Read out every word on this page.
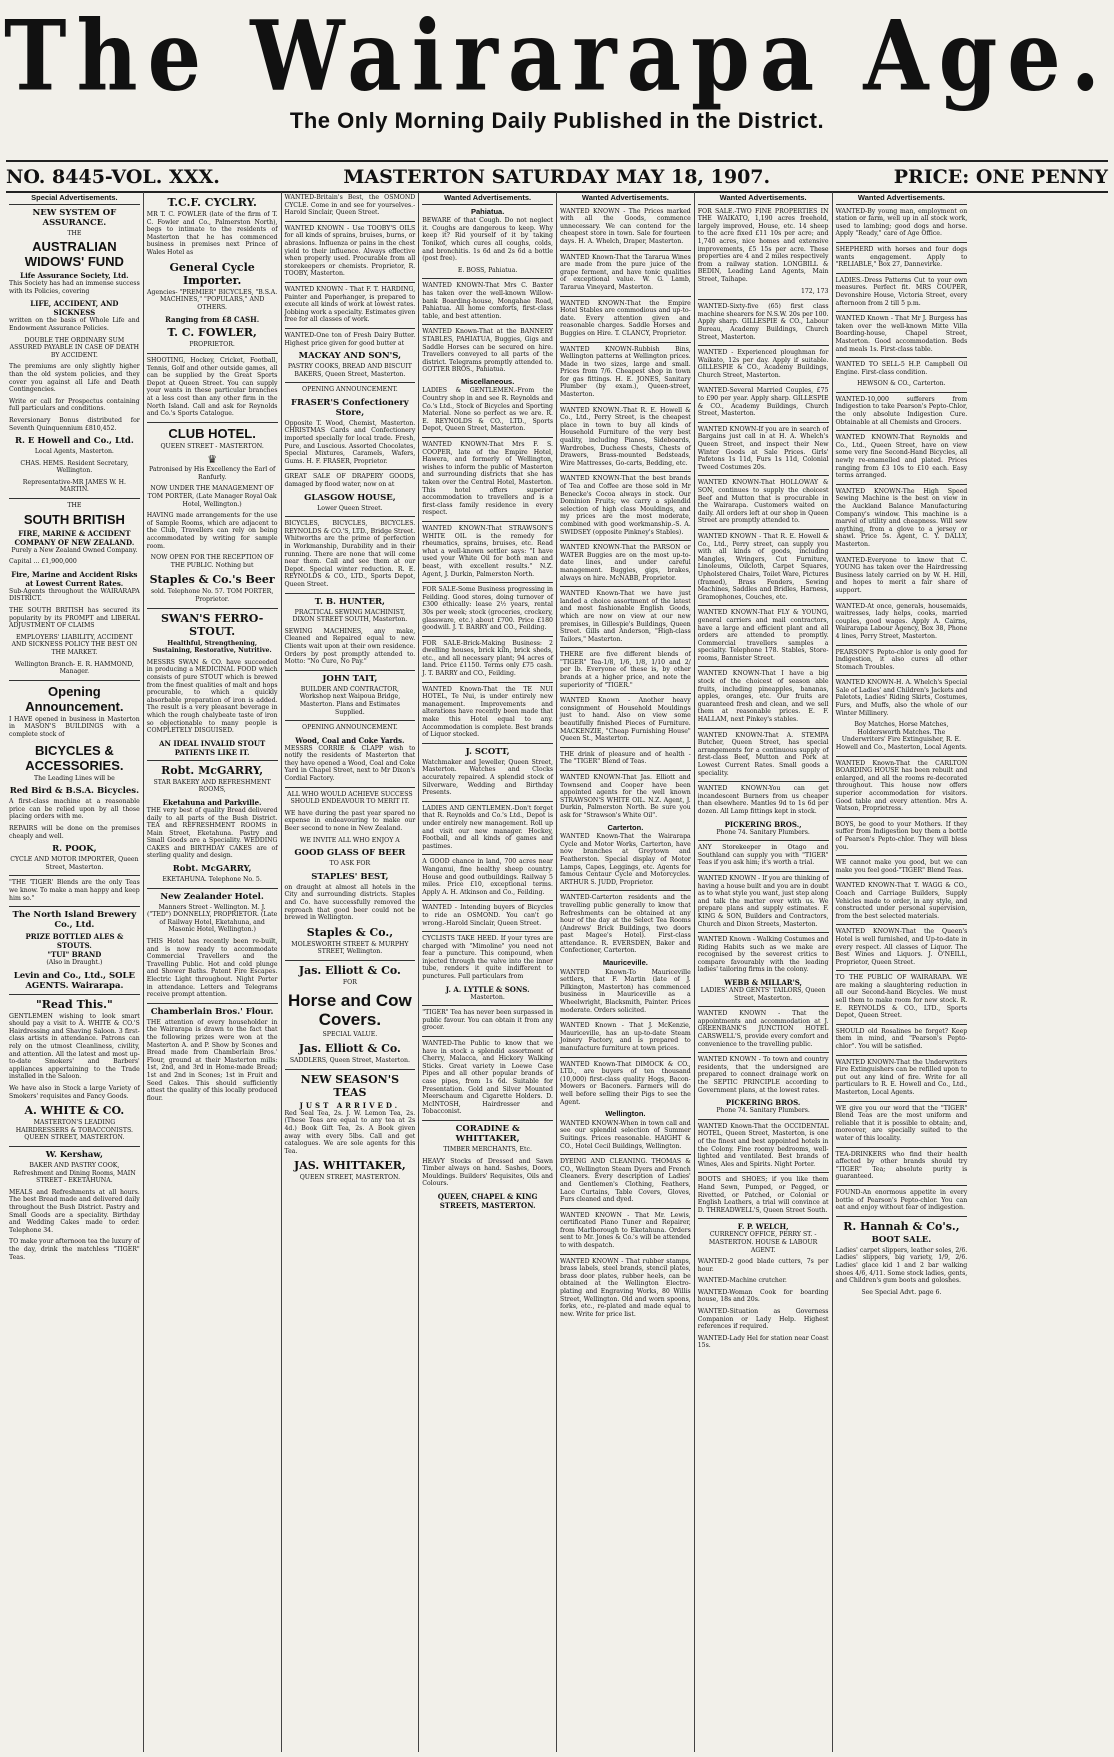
The Wairarapa Age.
The Only Morning Daily Published in the District.
NO. 8445-VOL. XXX.	MASTERTON SATURDAY MAY 18, 1907.	PRICE: ONE PENNY
Special Advertisements.
NEW SYSTEM OF ASSURANCE.
THE
AUSTRALIAN WIDOWS' FUND
Life Assurance Society, Ltd.
This Society has had an immense success with its Policies, covering
LIFE, ACCIDENT, AND SICKNESS
written on the basis of Whole Life and Endowment Assurance Policies.
DOUBLE THE ORDINARY SUM ASSURED PAYABLE IN CASE OF DEATH BY ACCIDENT.
The premiums are only slightly higher than the old system policies, and they cover you against all Life and Death Contingencies.
Write or call for Prospectus containing full particulars and conditions.
Reversionary Bonus distributed for Seventh Quinquennium £810,452.
R. E Howell and Co., Ltd.
Local Agents, Masterton.
CHAS. HEMS. Resident Secretary, Wellington.
Representative-MR JAMES W. H. MARTIN.
THE
SOUTH BRITISH
FIRE, MARINE & ACCIDENT COMPANY OF NEW ZEALAND.
Purely a New Zealand Owned Company.
Capital ... £1,900,000
Fire, Marine and Accident Risks at Lowest Current Rates.
Sub-Agents throughout the WAIRARAPA DISTRICT.
THE SOUTH BRITISH has secured its popularity by its PROMPT and LIBERAL ADJUSTMENT OF CLAIMS
EMPLOYERS' LIABILITY, ACCIDENT AND SICKNESS POLICY THE BEST ON THE MARKET.
Wellington Branch- E. R. HAMMOND, Manager.
Opening Announcement.
I HAVE opened in business in Masterton in MASON'S BUILDINGS with a complete stock of
BICYCLES & ACCESSORIES.
The Leading Lines will be
Red Bird & B.S.A. Bicycles.
A first-class machine at a reasonable price can be relied upon by all those placing orders with me.
REPAIRS will be done on the premises cheaply and well.
R. POOK,
CYCLE AND MOTOR IMPORTER, Queen Street, Masterton.
"THE 'TIGER' Blends are the only Teas we know. To make a man happy and keep him so."
The North Island Brewery Co., Ltd.
PRIZE BOTTLED ALES & STOUTS.
"TUI" BRAND
(Also in Draught.)
Levin and Co., Ltd., SOLE AGENTS. Wairarapa.
"Read This."
GENTLEMEN wishing to look smart should pay a visit to A. WHITE & CO.'S Hairdressing and Shaving Saloon. 3 first-class artists in attendance. Patrons can rely on the utmost Cleanliness, civility, and attention. All the latest and most up-to-date Smokers' and Barbers' appliances appertaining to the Trade installed in the Saloon.
We have also in Stock a large Variety of Smokers' requisites and Fancy Goods.
A. WHITE & CO.
MASTERTON'S LEADING HAIRDRESSERS & TOBACCONISTS. QUEEN STREET, MASTERTON.
W. Kershaw,
BAKER AND PASTRY COOK, Refreshment and Dining Rooms, MAIN STREET - EKETAHUNA.
MEALS and Refreshments at all hours. The best Bread made and delivered daily throughout the Bush District. Pastry and Small Goods are a speciality. Birthday and Wedding Cakes made to order. Telephone 34.
TO make your afternoon tea the luxury of the day, drink the matchless "TIGER" Teas.
T.C.F. CYCLRY.
MR T. C. FOWLER (late of the firm of T. C. Fowler and Co., Palmerston North), begs to intimate to the residents of Masterton that he has commenced business in premises next Prince of Wales Hotel as
General Cycle Importer.
Agencies- "PREMIER" BICYCLES, "B.S.A. MACHINES," "POPULARS," AND OTHERS.
Ranging from £8 CASH.
T. C. FOWLER,
PROPRIETOR.
SHOOTING, Hockey, Cricket, Football, Tennis, Golf and other outside games, all can be supplied by the Great Sports Depot at Queen Street. You can supply your wants in these particular branches at a less cost than any other firm in the North Island. Call and ask for Reynolds and Co.'s Sports Catalogue.
CLUB HOTEL.
QUEEN STREET - MASTERTON.
♛
Patronised by His Excellency the Earl of Ranfurly.
NOW UNDER THE MANAGEMENT OF TOM PORTER, (Late Manager Royal Oak Hotel, Wellington.)
HAVING made arrangements for the use of Sample Rooms, which are adjacent to the Club, Travellers can rely on being accommodated by writing for sample room.
NOW OPEN FOR THE RECEPTION OF THE PUBLIC. Nothing but
Staples & Co.'s Beer
sold. Telephone No. 57. TOM PORTER, Proprietor.
SWAN'S FERRO-STOUT.
Healthful, Strengthening, Sustaining, Restorative, Nutritive.
MESSRS SWAN & CO. have succeeded in producing a MEDICINAL FOOD which consists of pure STOUT which is brewed from the finest qualities of malt and hops procurable, to which a quickly absorbable preparation of iron is added. The result is a very pleasant beverage in which the rough chalybeate taste of iron so objectionable to many people is COMPLETELY DISGUISED.
AN IDEAL INVALID STOUT PATIENTS LIKE IT.
Robt. McGARRY,
STAR BAKERY AND REFRESHMENT ROOMS,
Eketahuna and Parkville.
THE very best of quality Bread delivered daily to all parts of the Bush District. TEA and REFRESHMENT ROOMS in Main Street, Eketahuna. Pastry and Small Goods are a Speciality. WEDDING CAKES and BIRTHDAY CAKES are of sterling quality and design.
Robt. McGARRY,
EKETAHUNA. Telephone No. 5.
New Zealander Hotel.
Manners Street - Wellington. M. J. ("TED") DONNELLY, PROPRIETOR. (Late of Railway Hotel, Eketahuna, and Masonic Hotel, Wellington.)
THIS Hotel has recently been re-built, and is now ready to accommodate Commercial Travellers and the Travelling Public. Hot and cold plunge and Shower Baths. Patent Fire Escapes. Electric Light throughout. Night Porter in attendance. Letters and Telegrams receive prompt attention.
Chamberlain Bros.' Flour.
THE attention of every householder in the Wairarapa is drawn to the fact that the following prizes were won at the Masterton A. and P. Show by Scones and Bread made from Chamberlain Bros.' Flour, ground at their Masterton mills: 1st, 2nd, and 3rd in Home-made Bread; 1st and 2nd in Scones; 1st in Fruit and Seed Cakes. This should sufficiently attest the quality of this locally produced flour.
WANTED-Britain's Best, the OSMOND CYCLE. Come in and see for yourselves.-Harold Sinclair, Queen Street.
WANTED KNOWN - Use TOOBY'S OILS for all kinds of sprains, bruises, burns, or abrasions. Influenza or pains in the chest yield to their influence. Always effective when properly used. Procurable from all storekeepers or chemists. Proprietor, R. TOOBY, Masterton.
WANTED KNOWN - That F. T. HARDING, Painter and Paperhanger, is prepared to execute all kinds of work at lowest rates. Jobbing work a specialty. Estimates given free for all classes of work.
WANTED-One ton of Fresh Dairy Butter. Highest price given for good butter at
MACKAY AND SON'S,
PASTRY COOKS, BREAD AND BISCUIT BAKERS, Queen Street, Masterton.
OPENING ANNOUNCEMENT.
FRASER'S Confectionery Store,
Opposite T. Wood, Chemist, Masterton. CHRISTMAS Cards and Confectionery imported specially for local trade. Fresh, Pure, and Luscious. Assorted Chocolates, Special Mixtures, Caramels, Wafers, Gums. H. F. FRASER, Proprietor.
GREAT SALE OF DRAPERY GOODS, damaged by flood water, now on at
GLASGOW HOUSE,
Lower Queen Street.
BICYCLES, BICYCLES, BICYCLES. REYNOLDS & CO.'S, LTD., Bridge Street. Whitworths are the prime of perfection in Workmanship, Durability and in their running. There are none that will come near them. Call and see them at our Depot. Special winter reduction. R. E. REYNOLDS & CO., LTD., Sports Depot, Queen Street.
T. B. HUNTER,
PRACTICAL SEWING MACHINIST, DIXON STREET SOUTH, Masterton.
SEWING MACHINES, any make, Cleaned and Repaired equal to new. Clients wait upon at their own residence. Orders by post promptly attended to. Motto: "No Cure, No Pay."
JOHN TAIT,
BUILDER AND CONTRACTOR, Workshop next Waipoua Bridge, Masterton. Plans and Estimates Supplied.
OPENING ANNOUNCEMENT.
Wood, Coal and Coke Yards.
MESSRS CORRIE & CLAPP wish to notify the residents of Masterton that they have opened a Wood, Coal and Coke Yard in Chapel Street, next to Mr Dixon's Cordial Factory.
ALL WHO WOULD ACHIEVE SUCCESS SHOULD ENDEAVOUR TO MERIT IT.
WE have during the past year spared no expense in endeavouring to make our Beer second to none in New Zealand.
WE INVITE ALL WHO ENJOY A
GOOD GLASS OF BEER
TO ASK FOR
STAPLES' BEST,
on draught at almost all hotels in the City and surrounding districts. Staples and Co. have successfully removed the reproach that good beer could not be brewed in Wellington.
Staples & Co.,
MOLESWORTH STREET & MURPHY STREET, Wellington.
Jas. Elliott & Co.
FOR
Horse and Cow Covers.
SPECIAL VALUE.
Jas. Elliott & Co.
SADDLERS, Queen Street, Masterton.
NEW SEASON'S TEAS
JUST ARRIVED.
Red Seal Tea, 2s. J. W. Lemon Tea, 2s. (These Teas are equal to any tea at 2s 4d.) Book Gift Tea, 2s. A Book given away with every 5lbs. Call and get catalogues. We are sole agents for this Tea.
JAS. WHITTAKER,
QUEEN STREET, MASTERTON.
Wanted Advertisements.
Pahiatua.
BEWARE of that Cough. Do not neglect it. Coughs are dangerous to keep. Why keep it? Rid yourself of it by taking Tonikof, which cures all coughs, colds, and bronchitis. 1s 6d and 2s 6d a bottle (post free).
E. BOSS, Pahiatua.
WANTED KNOWN-That Mrs C. Baxter has taken over the well-known Willow-bank Boarding-house, Mongahae Road, Pahiatua. All home comforts, first-class table, and best attention.
WANTED Known-That at the BANNERY STABLES, PAHIATUA, Buggies, Gigs and Saddle Horses can be secured on hire. Travellers conveyed to all parts of the district. Telegrams promptly attended to. GOTTER BROS., Pahiatua.
Miscellaneous.
LADIES & GENTLEMEN.-From the Country shop in and see R. Reynolds and Co.'s Ltd., Stock of Bicycles and Sporting Material. None so perfect as we are. R. E. REYNOLDS & CO., LTD., Sports Depot, Queen Street, Masterton.
WANTED KNOWN-That Mrs F. S. COOPER, late of the Empire Hotel, Hawera, and formerly of Wellington, wishes to inform the public of Masterton and surrounding districts that she has taken over the Central Hotel, Masterton. This hotel offers superior accommodation to travellers and is a first-class family residence in every respect.
WANTED KNOWN-That STRAWSON'S WHITE OIL is the remedy for rheumatics, sprains, bruises, etc. Read what a well-known settler says: "I have used your White Oil for both man and beast, with excellent results." N.Z. Agent, J. Durkin, Palmerston North.
FOR SALE-Some Business progressing in Feilding. Good stores, doing turnover of £300 ethically: lease 2½ years, rental 30s per week; stock (groceries, crockery, glassware, etc.) about £700. Price £180 goodwill. J. T. BARRY and CO., Feilding.
FOR SALE-Brick-Making Business: 2 dwelling houses, brick kiln, brick sheds, etc., and all necessary plant; 94 acres of land. Price £1150. Terms only £75 cash. J. T. BARRY and CO., Feilding.
WANTED Known-That the TE NUI HOTEL, Te Nui, is under entirely new management. Improvements and alterations have recently been made that make this Hotel equal to any. Accommodation is complete. Best brands of Liquor stocked.
J. SCOTT,
Watchmaker and Jeweller, Queen Street, Masterton. Watches and Clocks accurately repaired. A splendid stock of Silverware, Wedding and Birthday Presents.
LADIES AND GENTLEMEN.-Don't forget that R. Reynolds and Co.'s Ltd., Depot is under entirely new management. Roll up and visit our new manager. Hockey, Football, and all kinds of games and pastimes.
A GOOD chance in land, 700 acres near Wanganui, fine healthy sheep country. House and good outbuildings. Railway 5 miles. Price £10, exceptional terms. Apply A. H. Atkinson and Co., Feilding.
WANTED - Intending buyers of Bicycles to ride an OSMOND. You can't go wrong.-Harold Sinclair, Queen Street.
CYCLISTS TAKE HEED. If your tyres are charged with "Mimoline" you need not fear a puncture. This compound, when injected through the valve into the inner tube, renders it quite indifferent to punctures. Full particulars from
J. A. LYTTLE & SONS.
Masterton.
"TIGER" Tea has never been surpassed in public favour. You can obtain it from any grocer.
WANTED-The Public to know that we have in stock a splendid assortment of Cherry, Malacca, and Hickory Walking Sticks. Great variety in Loewe Case Pipes and all other popular brands of case pipes, from 1s 6d. Suitable for Presentation. Gold and Silver Mounted Meerschaum and Cigarette Holders. D. McINTOSH, Hairdresser and Tobacconist.
CORADINE & WHITTAKER,
TIMBER MERCHANTS, Etc.
HEAVY Stocks of Dressed and Sawn Timber always on hand. Sashes, Doors, Mouldings. Builders' Requisites, Oils and Colours.
QUEEN, CHAPEL & KING STREETS, MASTERTON.
Wanted Advertisements.
WANTED KNOWN - The Prices marked with all the Goods, commence unnecessary. We can contend for the cheapest store in town. Sale for fourteen days. H. A. Whelch, Draper, Masterton.
WANTED Known-That the Tararua Wines are made from the pure juice of the grape ferment, and have tonic qualities of exceptional value. W. G. Lamb, Tararua Vineyard, Masterton.
WANTED KNOWN-That the Empire Hotel Stables are commodious and up-to-date. Every attention given and reasonable charges. Saddle Horses and Buggies on Hire. T. CLANCY, Proprietor.
WANTED KNOWN-Rubbish Bins, Wellington patterns at Wellington prices. Made in two sizes, large and small. Prices from 7/6. Cheapest shop in town for gas fittings. H. E. JONES, Sanitary Plumber (by exam.), Queen-street, Masterton.
WANTED KNOWN.-That R. E. Howell & Co., Ltd., Perry Street, is the cheapest place in town to buy all kinds of Household Furniture of the very best quality, including Pianos, Sideboards, Wardrobes, Duchess Chests, Chests of Drawers, Brass-mounted Bedsteads, Wire Mattresses, Go-carts, Bedding, etc.
WANTED KNOWN-That the best brands of Tea and Coffee are those sold in Mr Benecke's Cocoa always in stock. Our Dominion Fruits; we carry a splendid selection of high class Mouldings, and my prices are the most moderate, combined with good workmanship.-S. A. SWIDSEY (opposite Pinkney's Stables).
WANTED KNOWN-That the PARSON or WATER Buggies are on the most up-to-date lines, and under careful management. Buggies, gigs, brakes, always on hire. McNABB, Proprietor.
WANTED Known-That we have just landed a choice assortment of the latest and most fashionable English Goods, which are now on view at our new premises, in Gillespie's Buildings, Queen Street. Gills and Anderson, "High-class Tailors," Masterton.
THERE are five different blends of "TIGER" Tea-1/8, 1/6, 1/8, 1/10 and 2/ per lb. Everyone of these is, by other brands at a higher price, and note the superiority of "TIGER."
WANTED Known - Another heavy consignment of Household Mouldings just to hand. Also on view some beautifully finished Pieces of Furniture. MACKENZIE, "Cheap Furnishing House" Queen St., Masterton.
THE drink of pleasure and of health - The "TIGER" Blend of Teas.
WANTED KNOWN-That Jas. Elliott and Townsend and Cooper have been appointed agents for the well known STRAWSON'S WHITE OIL. N.Z. Agent, J. Durkin, Palmerston North. Be sure you ask for "Strawson's White Oil".
Carterton.
WANTED Known-That the Wairarapa Cycle and Motor Works, Carterton, have now branches at Greytown and Featherston. Special display of Motor Lamps, Capes, Leggings, etc. Agents for famous Centaur Cycle and Motorcycles. ARTHUR S. JUDD, Proprietor.
WANTED-Carterton residents and the travelling public generally to know that Refreshments can be obtained at any hour of the day at the Select Tea Rooms (Andrews' Brick Buildings, two doors past Magee's Hotel). First-class attendance. R. EVERSDEN, Baker and Confectioner, Carterton.
Mauriceville.
WANTED Known-To Mauriceville settlers, that F. Martin (late of J. Pilkington, Masterton) has commenced business in Mauriceville as a Wheelwright, Blacksmith, Painter. Prices moderate. Orders solicited.
WANTED Known - That J. McKenzie, Mauriceville, has an up-to-date Steam Joinery Factory, and is prepared to manufacture furniture at town prices.
WANTED Known-That DIMOCK & CO., LTD., are buyers of ten thousand (10,000) first-class quality Hogs, Bacon-Mowers or Baconers. Farmers will do well before selling their Pigs to see the Agent.
Wellington.
WANTED KNOWN-When in town call and see our splendid selection of Summer Suitings. Prices reasonable. HAIGHT & CO., Hotel Cecil Buildings, Wellington.
DYEING AND CLEANING. THOMAS & CO., Wellington Steam Dyers and French Cleaners. Every description of Ladies' and Gentlemen's Clothing, Feathers, Lace Curtains, Table Covers, Gloves, Furs cleaned and dyed.
WANTED KNOWN - That Mr. Lewis, certificated Piano Tuner and Repairer, from Marlborough to Eketahuna. Orders sent to Mr. Jones & Co.'s will be attended to with despatch.
WANTED KNOWN - That rubber stamps, brass labels, steel brands, stencil plates, brass door plates, rubber heels, can be obtained at the Wellington Electro-plating and Engraving Works, 80 Willis Street, Wellington. Old and worn spoons, forks, etc., re-plated and made equal to new. Write for price list.
Wanted Advertisements.
FOR SALE.-TWO FINE PROPERTIES IN THE WAIKATO, 1,190 acres freehold, largely improved, House, etc. 14 sheep to the acre fixed £11 10s per acre; and 1,740 acres, nice homes and extensive improvements, £5 15s per acre. These properties are 4 and 2 miles respectively from a railway station. LONGBILL & BEDIN, Leading Land Agents, Main Street, Taihape.
172, 173
WANTED-Sixty-five (65) first class machine shearers for N.S.W. 20s per 100. Apply sharp. GILLESPIE & CO., Labour Bureau, Academy Buildings, Church Street, Masterton.
WANTED - Experienced ploughman for Waikato, 12s per day. Apply if suitable. GILLESPIE & CO., Academy Buildings, Church Street, Masterton.
WANTED-Several Married Couples, £75 to £90 per year. Apply sharp. GILLESPIE & CO., Academy Buildings, Church Street, Masterton.
WANTED KNOWN-If you are in search of Bargains just call in at H. A. Whelch's Queen Street, and inspect their New Winter Goods at Sale Prices. Girls' Pafetons 1s 11d, Furs 1s 11d, Colonial Tweed Costumes 20s.
WANTED KNOWN-That HOLLOWAY & SON, continues to supply the choicest Beef and Mutton that is procurable in the Wairarapa. Customers waited on daily. All orders left at our shop in Queen Street are promptly attended to.
WANTED KNOWN - That R. E. Howell & Co., Ltd., Perry street, can supply you with all kinds of goods, including Mangles, Wringers, Cut Furniture, Linoleums, Oilcloth, Carpet Squares, Upholstered Chairs, Toilet Ware, Pictures (framed), Brass Fenders, Sewing Machines, Saddles and Bridles, Harness, Gramophones, Couches, etc.
WANTED KNOWN-That FLY & YOUNG, general carriers and mail contractors, have a large and efficient plant and all orders are attended to promptly. Commercial travellers samples a specialty. Telephone 178. Stables, Store-rooms, Bannister Street.
WANTED KNOWN-That I have a big stock of the choicest of season able fruits, including pineapples, bananas, apples, oranges, etc. Our fruits are guaranteed fresh and clean, and we sell them at reasonable prices. E. F. HALLAM, next Pinkey's stables.
WANTED KNOWN-That A. STEMPA Butcher, Queen Street, has special arrangements for a continuous supply of first-class Beef, Mutton and Pork at Lowest Current Rates. Small goods a speciality.
WANTED KNOWN-You can get incandescent Burners from us cheaper than elsewhere. Mantles 9d to 1s 6d per dozen. All Lamp fittings kept in stock.
PICKERING BROS.,
Phone 74. Sanitary Plumbers.
ANY Storekeeper in Otago and Southland can supply you with "TIGER" Teas if you ask him; it's worth a trial.
WANTED KNOWN - If you are thinking of having a house built and you are in doubt as to what style you want, just step along and talk the matter over with us. We prepare plans and supply estimates. F. KING & SON, Builders and Contractors, Church and Dixon Streets, Masterton.
WANTED Known - Walking Costumes and Riding Habits such as we make are recognised by the severest critics to compare favourably with the leading ladies' tailoring firms in the colony.
WEBB & MILLAR'S,
LADIES' AND GENTS' TAILORS, Queen Street, Masterton.
WANTED KNOWN - That the appointments and accommodation at J. GREENBANK'S JUNCTION HOTEL CARSWELL'S, provide every comfort and convenience to the travelling public.
WANTED KNOWN - To town and country residents, that the undersigned are prepared to connect drainage work on the SEPTIC PRINCIPLE according to Government plans, at the lowest rates.
PICKERING BROS.
Phone 74. Sanitary Plumbers.
WANTED Known-That the OCCIDENTAL HOTEL, Queen Street, Masterton, is one of the finest and best appointed hotels in the Colony. Fine roomy bedrooms, well-lighted and ventilated. Best brands of Wines, Ales and Spirits. Night Porter.
BOOTS and SHOES; if you like them Hand Sewn, Pumped, or Pegged, or Rivetted, or Patched, or Colonial or English Leathers, a trial will convince at D. THREADWELL'S, Queen Street South.
F. P. WELCH,
CURRENCY OFFICE, PERRY ST. - MASTERTON. HOUSE & LABOUR AGENT.
WANTED-2 good blade cutters, 7s per hour.
WANTED-Machine crutcher.
WANTED-Woman Cook for boarding house, 18s and 20s.
WANTED-Situation as Governess Companion or Lady Help. Highest references if required.
WANTED-Lady Hel for station near Coast 15s.
Wanted Advertisements.
WANTED-By young man, employment on station or farm, well up in all stock work, used to lambing; good dogs and horse. Apply "Ready," care of Age Office.
SHEPHERD with horses and four dogs wants engagement. Apply to "RELIABLE," Box 27, Dannevirke.
LADIES.-Dress Patterns Cut to your own measures. Perfect fit. MRS COUPER, Devonshire House, Victoria Street, every afternoon from 2 till 5 p.m.
WANTED Known - That Mr J. Burgess has taken over the well-known Mitte Villa Boarding-house, Chapel Street, Masterton. Good accommodation. Beds and meals 1s. First-class table.
WANTED TO SELL-5 H.P. Campbell Oil Engine. First-class condition.
HEWSON & CO., Carterton.
WANTED-10,000 sufferers from Indigestion to take Pearson's Pepto-Chlor, the only absolute Indigestion Cure. Obtainable at all Chemists and Grocers.
WANTED KNOWN-That Reynolds and Co., Ltd., Queen Street, have on view some very fine Second-Hand Bicycles, all newly re-enamelled and plated. Prices ranging from £3 10s to £10 each. Easy terms arranged.
WANTED KNOWN-The High Speed Sewing Machine is the best on view in the Auckland Balance Manufacturing Company's window. This machine is a marvel of utility and cheapness. Will sew anything, from a glove to a jersey or shawl. Price 5s. Agent, C. Y. DALLY, Masterton.
WANTED-Everyone to know that C. YOUNG has taken over the Hairdressing Business lately carried on by W. H. Hill, and hopes to merit a fair share of support.
WANTED-At once, generals, housemaids, waitresses, lady helps, cooks, married couples, good wages. Apply A. Cairns, Wairarapa Labour Agency, Box 38, Phone 4 lines, Perry Street, Masterton.
PEARSON'S Pepto-chlor is only good for Indigestion, it also cures all other Stomach Troubles.
WANTED KNOWN-H. A. Whelch's Special Sale of Ladies' and Children's Jackets and Paletots, Ladies' Riding Skirts, Costumes, Furs, and Muffs, also the whole of our Winter Millinery.
Boy Matches, Horse Matches, Holdersworth Matches. The Underwriters' Fire Extinguisher, R. E. Howell and Co., Masterton, Local Agents.
WANTED Known-That the CARLTON BOARDING HOUSE has been rebuilt and enlarged, and all the rooms re-decorated throughout. This house now offers superior accommodation for visitors. Good table and every attention. Mrs A. Watson, Proprietress.
BOYS, be good to your Mothers. If they suffer from Indigestion buy them a bottle of Pearson's Pepto-chlor. They will bless you.
WE cannot make you good, but we can make you feel good-"TIGER" Blend Teas.
WANTED KNOWN-That T. WAGG & CO., Coach and Carriage Builders, Supply Vehicles made to order, in any style, and constructed under personal supervision, from the best selected materials.
WANTED KNOWN-That the Queen's Hotel is well furnished, and Up-to-date in every respect. All classes of Liquor. The Best Wines and Liquors. J. O'NEILL, Proprietor, Queen Street.
TO THE PUBLIC OF WAIRARAPA. WE are making a slaughtering reduction in all our Second-hand Bicycles. We must sell them to make room for new stock. R. E. REYNOLDS & CO., LTD., Sports Depot, Queen Street.
SHOULD old Rosalines be forget? Keep them in mind, and "Pearson's Pepto-chlor". You will be satisfied.
WANTED KNOWN-That the Underwriters Fire Extinguishers can be refilled upon to put out any kind of fire. Write for all particulars to R. E. Howell and Co., Ltd., Masterton, Local Agents.
WE give you our word that the "TIGER" Blend Teas are the most uniform and reliable that it is possible to obtain; and, moreover, are specially suited to the water of this locality.
TEA-DRINKERS who find their health affected by other brands should try "TIGER" Tea; absolute purity is guaranteed.
FOUND-An enormous appetite in every bottle of Pearson's Pepto-chlor. You can eat and enjoy without fear of indigestion.
R. Hannah & Co's.,
BOOT SALE.
Ladies' carpet slippers, leather soles, 2/6. Ladies' slippers, big variety, 1/9, 2/6. Ladies' glace kid 1 and 2 bar walking shoes 4/6, 4/11. Some stock ladies, gents, and Children's gum boots and goloshes.
See Special Advt. page 6.
